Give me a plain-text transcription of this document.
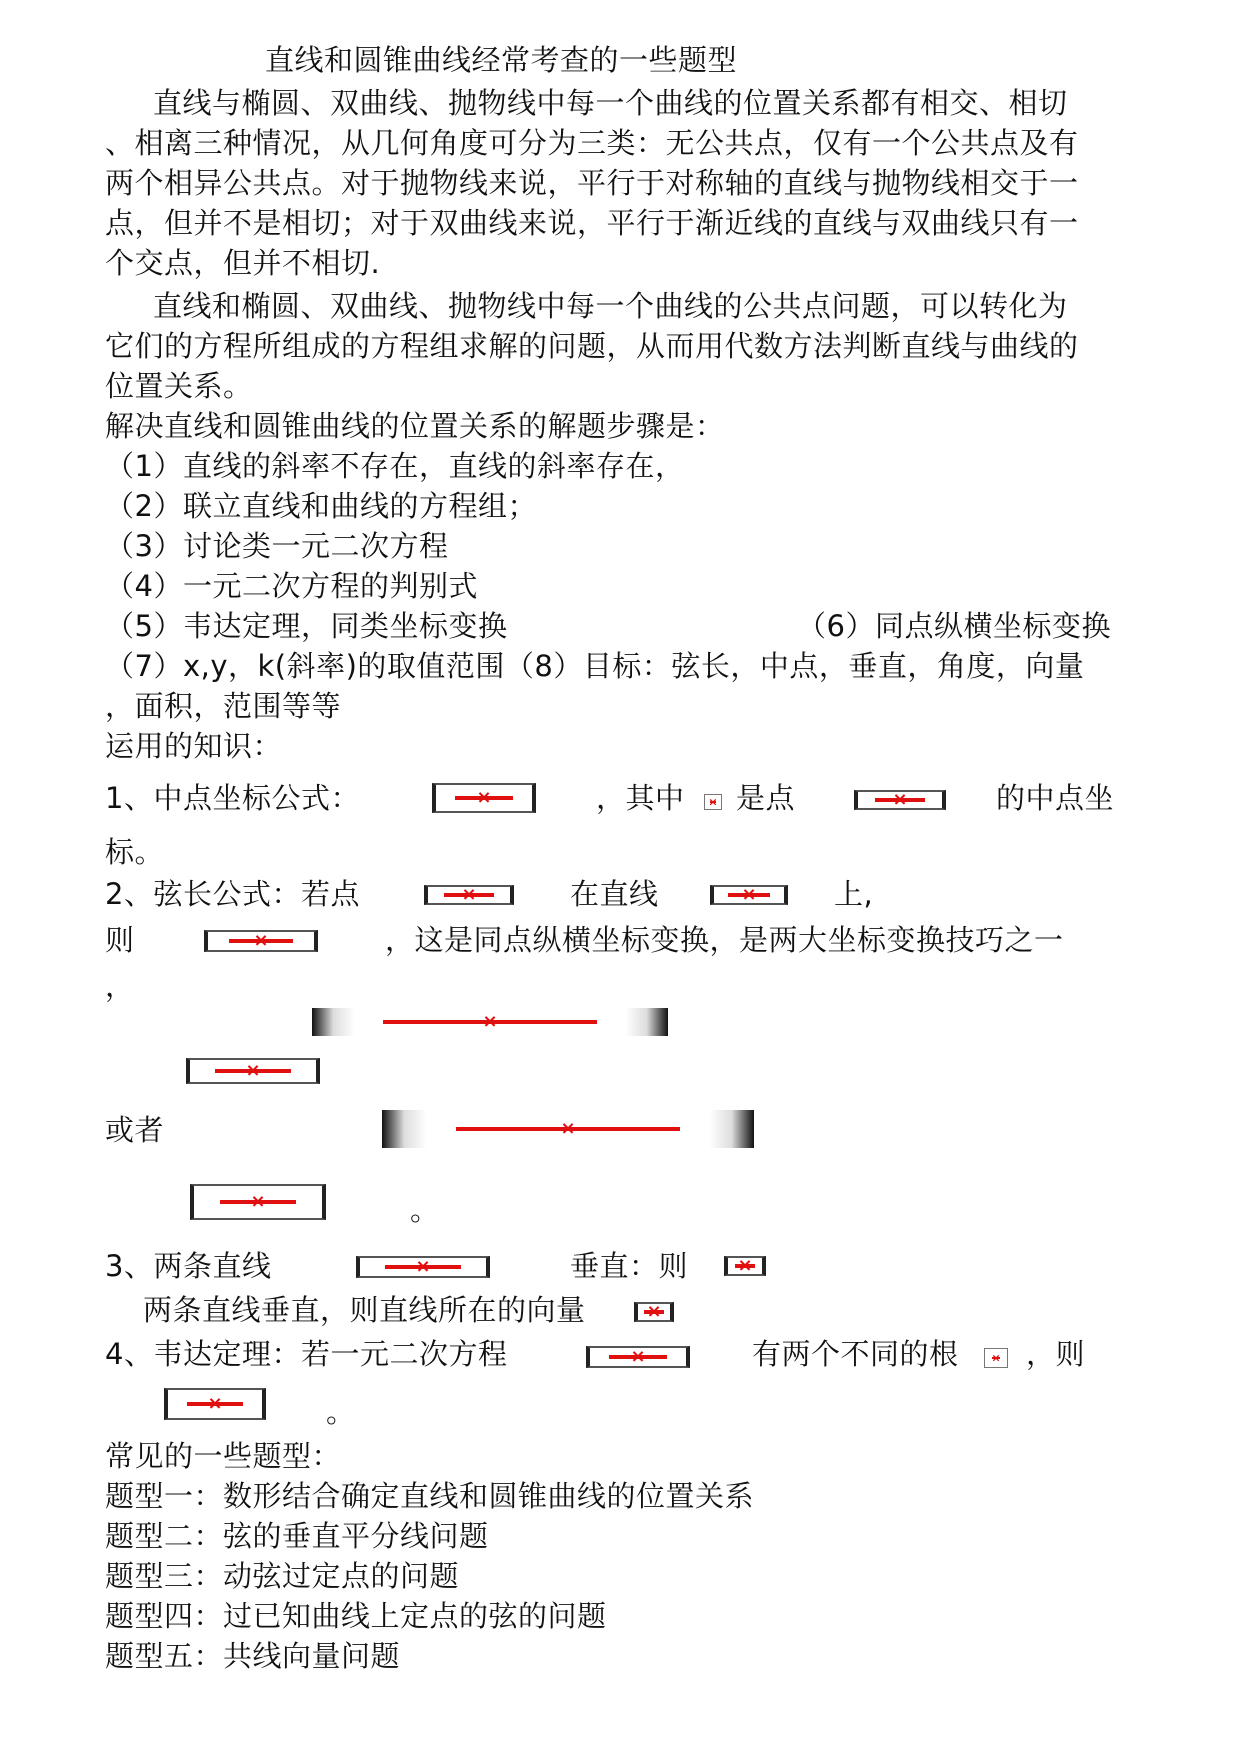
直线和圆锥曲线经常考查的一些题型
直线与椭圆、双曲线、抛物线中每一个曲线的位置关系都有相交、相切
、相离三种情况，从几何角度可分为三类：无公共点，仅有一个公共点及有
两个相异公共点。对于抛物线来说，平行于对称轴的直线与抛物线相交于一
点，但并不是相切；对于双曲线来说，平行于渐近线的直线与双曲线只有一
个交点，但并不相切.
直线和椭圆、双曲线、抛物线中每一个曲线的公共点问题，可以转化为
它们的方程所组成的方程组求解的问题，从而用代数方法判断直线与曲线的
位置关系。
解决直线和圆锥曲线的位置关系的解题步骤是：
（1）直线的斜率不存在，直线的斜率存在，
（2）联立直线和曲线的方程组；
（3）讨论类一元二次方程
（4）一元二次方程的判别式
（5）韦达定理，同类坐标变换	（6）同点纵横坐标变换
（7）x,y，k(斜率)的取值范围（8）目标：弦长，中点，垂直，角度，向量
，面积，范围等等
运用的知识：
1、中点坐标公式： ×	，其中 × 是点 ×	的中点坐
标。
2、弦长公式：若点 ×	在直线 ×	上,
则 ×	，这是同点纵横坐标变换，是两大坐标变换技巧之一
，
×
×
或者
×
×
。
3、两条直线 ×	垂直：则
×
两条直线垂直，则直线所在的向量
×
4、韦达定理：若一元二次方程 ×	有两个不同的根 × ，则
×
。
常见的一些题型：
题型一：数形结合确定直线和圆锥曲线的位置关系
题型二：弦的垂直平分线问题
题型三：动弦过定点的问题
题型四：过已知曲线上定点的弦的问题
题型五：共线向量问题
